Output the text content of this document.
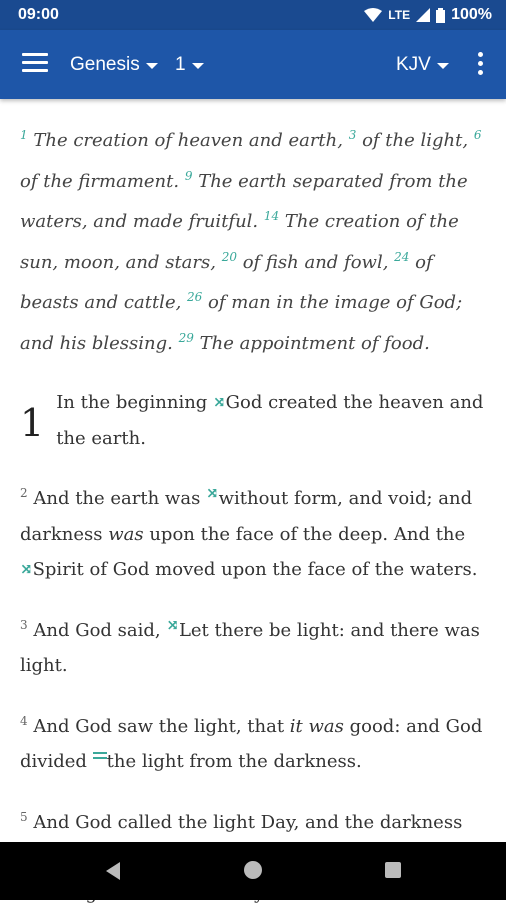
09:00	LTE	100%
Genesis 1	KJV

$^1$ The creation of heaven and earth, $^3$ of the light, $^6$ of the firmament. $^9$ The earth separated from the waters, and made fruitful. $^{14}$ The creation of the sun, moon, and stars, $^{20}$ of fish and fowl, $^{24}$ of beasts and cattle, $^{26}$ of man in the image of God; and his blessing. $^{29}$ The appointment of food.

1 In the beginning ⤨God created the heaven and the earth.

$^2$ And the earth was ⤨without form, and void; and darkness was upon the face of the deep. And the ⤨Spirit of God moved upon the face of the waters.

$^3$ And God said, ⤨Let there be light: and there was light.

$^4$ And God saw the light, that it was good: and God divided
the light from the darkness.

$^5$ And God called the light Day, and the darkness
